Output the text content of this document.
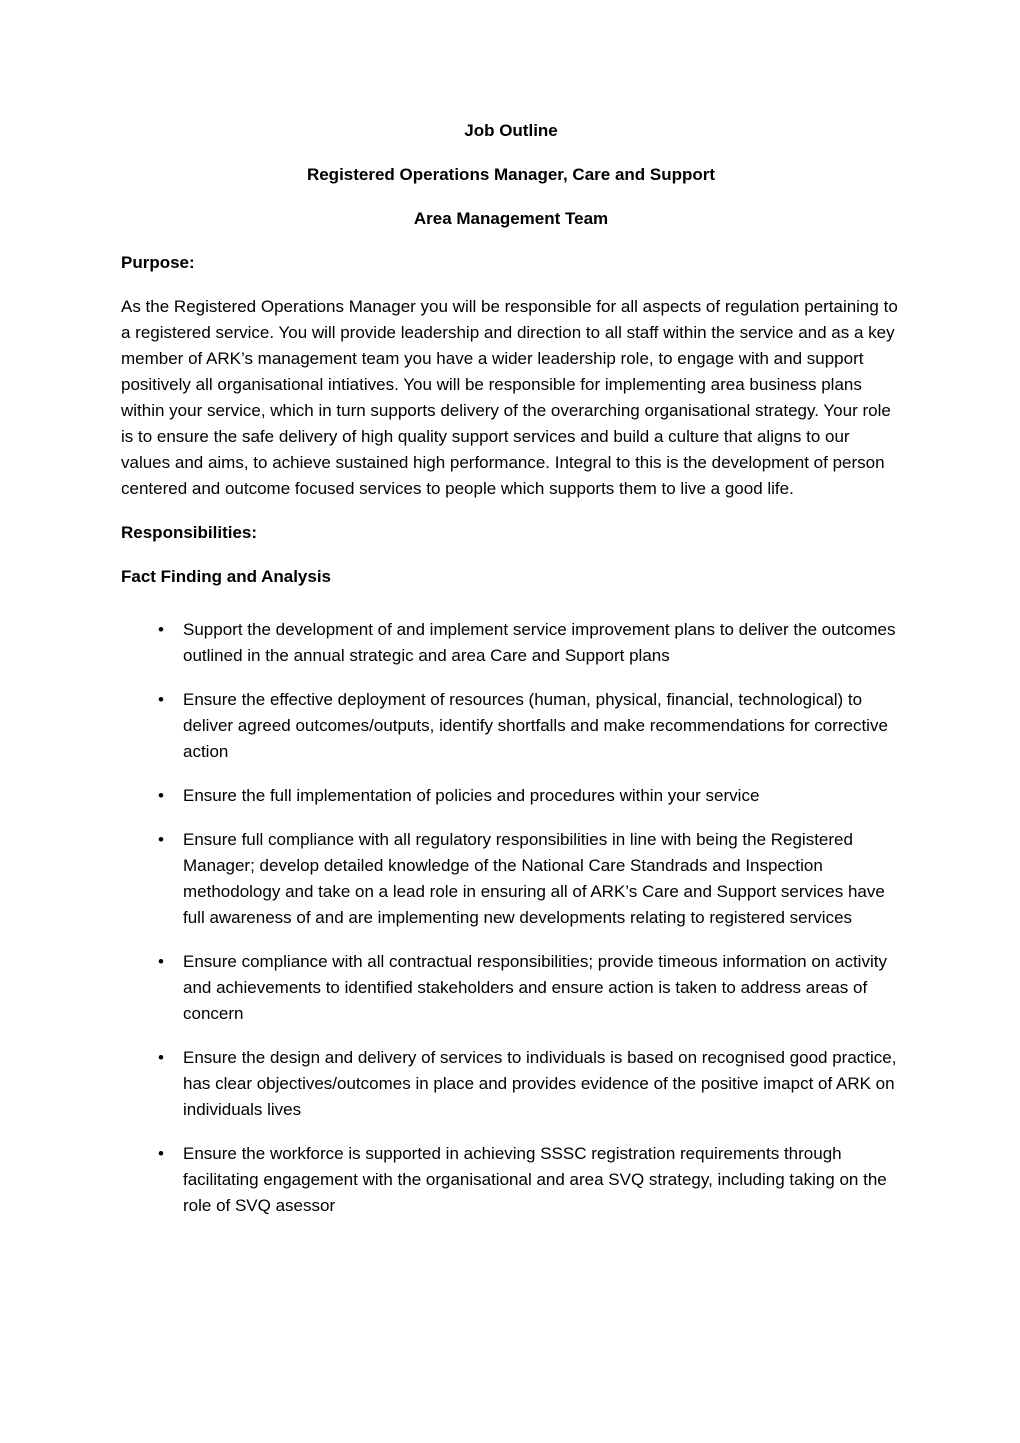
Job Outline

Registered Operations Manager, Care and Support

Area Management Team

Purpose:

As the Registered Operations Manager you will be responsible for all aspects of regulation pertaining to a registered service. You will provide leadership and direction to all staff within the service and as a key member of ARK’s management team you have a wider leadership role, to engage with and support positively all organisational intiatives. You will be responsible for implementing area business plans within your service, which in turn supports delivery of the overarching organisational strategy. Your role is to ensure the safe delivery of high quality support services and build a culture that aligns to our values and aims, to achieve sustained high performance. Integral to this is the development of person centered and outcome focused services to people which supports them to live a good life.

Responsibilities:

Fact Finding and Analysis

•	Support the development of and implement service improvement plans to deliver the outcomes outlined in the annual strategic and area Care and Support plans
•	Ensure the effective deployment of resources (human, physical, financial, technological) to deliver agreed outcomes/outputs, identify shortfalls and make recommendations for corrective action
•	Ensure the full implementation of policies and procedures within your service
•	Ensure full compliance with all regulatory responsibilities in line with being the Registered Manager; develop detailed knowledge of the National Care Standrads and Inspection methodology and take on a lead role in ensuring all of ARK’s Care and Support services have full awareness of and are implementing new developments relating to registered services
•	Ensure compliance with all contractual responsibilities; provide timeous information on activity and achievements to identified stakeholders and ensure action is taken to address areas of concern
•	Ensure the design and delivery of services to individuals is based on recognised good practice, has clear objectives/outcomes in place and provides evidence of the positive imapct of ARK on individuals lives
•	Ensure the workforce is supported in achieving SSSC registration requirements through facilitating engagement with the organisational and area SVQ strategy, including taking on the role of SVQ asessor
